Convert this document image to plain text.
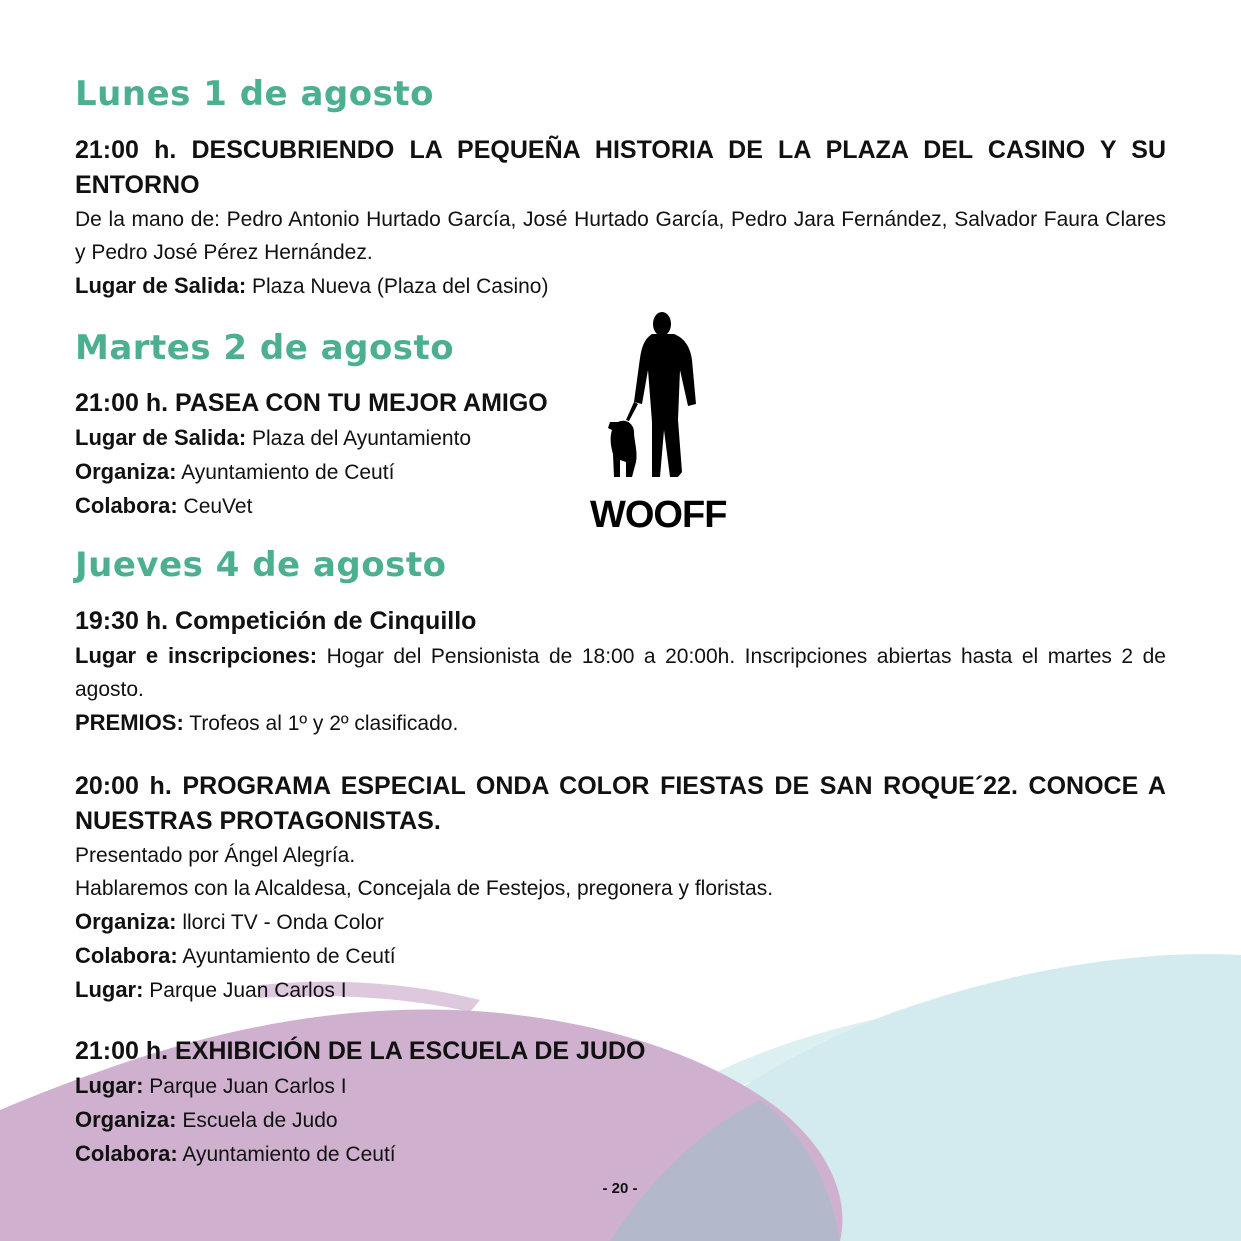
Lunes 1 de agosto

21:00 h. DESCUBRIENDO LA PEQUEÑA HISTORIA DE LA PLAZA DEL CASINO Y SU ENTORNO

De la mano de: Pedro Antonio Hurtado García, José Hurtado García, Pedro Jara Fernández, Salvador Faura Clares y Pedro José Pérez Hernández.

Lugar de Salida: Plaza Nueva (Plaza del Casino)

Martes 2 de agosto

21:00 h. PASEA CON TU MEJOR AMIGO

Lugar de Salida: Plaza del Ayuntamiento

Organiza: Ayuntamiento de Ceutí

Colabora: CeuVet	WOOFF
Jueves 4 de agosto

19:30 h. Competición de Cinquillo

Lugar e inscripciones: Hogar del Pensionista de 18:00 a 20:00h. Inscripciones abiertas hasta el martes 2 de agosto.

PREMIOS: Trofeos al 1º y 2º clasificado.

20:00 h. PROGRAMA ESPECIAL ONDA COLOR FIESTAS DE SAN ROQUE´22. CONOCE A NUESTRAS PROTAGONISTAS.

Presentado por Ángel Alegría.

Hablaremos con la Alcaldesa, Concejala de Festejos, pregonera y floristas.

Organiza: llorci TV - Onda Color

Colabora: Ayuntamiento de Ceutí

Lugar: Parque Juan Carlos I

21:00 h. EXHIBICIÓN DE LA ESCUELA DE JUDO

Lugar: Parque Juan Carlos I

Organiza: Escuela de Judo

Colabora: Ayuntamiento de Ceutí

- 20 -
